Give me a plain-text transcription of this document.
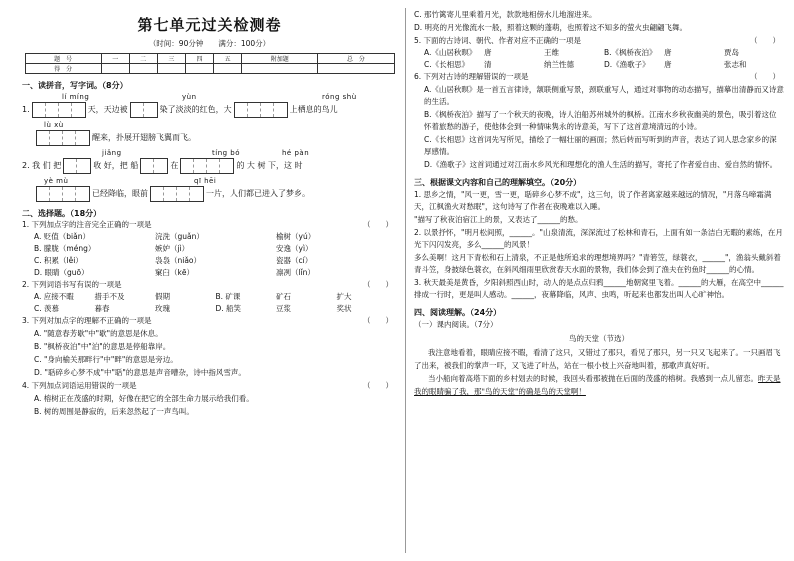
第七单元过关检测卷
（时间：90分钟　　满分：100分）
题　号	一	二	三	四	五	附加题	总　分
得　分							
一、读拼音，写字词。（8分）
lí míng	yùn	róng shù
1.	天，天边被	染了淡淡的红色，大	上栖息的鸟儿
lù xù
醒来，扑展开翅膀飞翼而飞。
jiǎng	tíng bó	hé pàn
2. 我 们 把	收 好，把 船	在	的 大 树 下，这 时
yè mù	qī hēi
已经降临，眼前	一片，人们都已进入了梦乡。
二、选择题。（18分）
1. 下列加点字的注音完全正确的一项是	（　　）
A. 贬值（biǎn）	浣洗（guǎn）	榆树（yú）
B. 朦胧（méng）	嫉妒（jì）	安逸（yì）
C. 积累（lěi）	袅袅（niǎo）	瓷器（cí）
D. 眼睛（guō）	窠臼（kē）	凛冽（lǐn）
2. 下列词语书写有误的一项是	（　　）
A. 应接不暇	措手不及	假期	B. 矿课	矿石	扩大
C. 羡慕	暮春	玫瑰	D. 船笑	豆浆	奖状
3. 下列对加点字的理解不正确的一项是	（　　）
A. "随意春芳歇"中"歇"的意思是休息。
B. "枫桥夜泊"中"泊"的意思是停船靠岸。
C. "身向榆关那畔行"中"畔"的意思是旁边。
D. "聒碎乡心梦不成"中"聒"的意思是声音嘈杂，诗中指风雪声。
4. 下列加点词语运用错误的一项是	（　　）
A. 榕树正在茂盛的时期，好像在把它的全部生命力展示给我们看。
B. 树的周围是静寂的，后来忽然起了一声鸟叫。
C. 那竹篱寄儿里乘着月光，款款地相傍水儿地溜进来。
D. 明亮的月光像流水一般，照着这颗的蓬萌，也照着这不知多的萤火虫翩翩飞舞。
5. 下面的古诗词、朝代、作者对应不正确的一项是	（　　）
A.《山居秋暝》	唐	王维	B.《枫桥夜泊》 唐	贾岛
C.《长相思》	清	纳兰性德	D.《渔歌子》	唐	张志和
6. 下列对古诗的理解错误的一项是	（　　）
A.《山居秋暝》是一首五言律诗，颔联侧重写景，颈联重写人，通过对事物的动态描写，描摹出清静而又诗意的生活。
B.《枫桥夜泊》描写了一个秋天的夜晚，诗人泊船苏州城外的枫桥。江南水乡秋夜幽美的景色，吸引着这位怀着旅愁的游子，使他体会到一种情味隽永的诗意美，写下了这首意境清远的小诗。
C.《长相思》这首词先写所见，描绘了一幅壮丽的画面；然后转而写听到的声音，表达了词人思念家乡的深厚感情。
D.《渔歌子》这首词通过对江南水乡风光和理想化的渔人生活的描写，寄托了作者爱自由、爱自然的情怀。
三、根据课文内容和自己的理解填空。（20分）
1. 思乡之情，"风一更，雪一更，聒碎乡心梦不成"，这三句，说了作者离家越来越远的情况，"月落乌啼霜满天，江枫渔火对愁眠"，这句诗写了作者在夜晚难以入睡。
"描写了秋夜泊宿江上的景，又表达了______的愁。
2. 以景抒怀，"明月松间照，______。"山泉清流，深深流过了松林和青石，上面有如一条洁白无暇的素练，在月光下闪闪发亮，多么______的风景！
多么美啊！这月下青松和石上清泉，不正是他所追求的理想境界吗？"青箬笠，绿蓑衣，______"，渔翁头戴斜着青斗笠，身披绿色蓑衣，在斜风细雨里欣赏春天水面的景物，我们体会到了渔夫在钓鱼时______的心情。
3. 秋天最美是黄昏，夕阳斜照西山时，动人的是点点归鸦______地朝窝里飞着。______的大雁，在高空中______排成一行时，更是叫人感动。______，夜幕降临，风声、虫鸣，听起来也都发出叫人心旷神怡。
四、阅读理解。（24分）
（一）课内阅读。（7分）
鸟的天堂（节选）

我注意地看着，眼睛应接不暇，看清了这只，又错过了那只，看见了那只，另一只又飞起来了。一只画眉飞了出来，被我们的掌声一吓，又飞进了叶丛，站在一根小枝上兴奋地叫着，那歌声真好听。

当小船向着高塔下面的乡村划去的时候，我回头看那被抛在后面的茂盛的榕树。我感到一点儿留恋。昨天是我的眼睛骗了我，那"鸟的天堂"的确是鸟的天堂啊！
